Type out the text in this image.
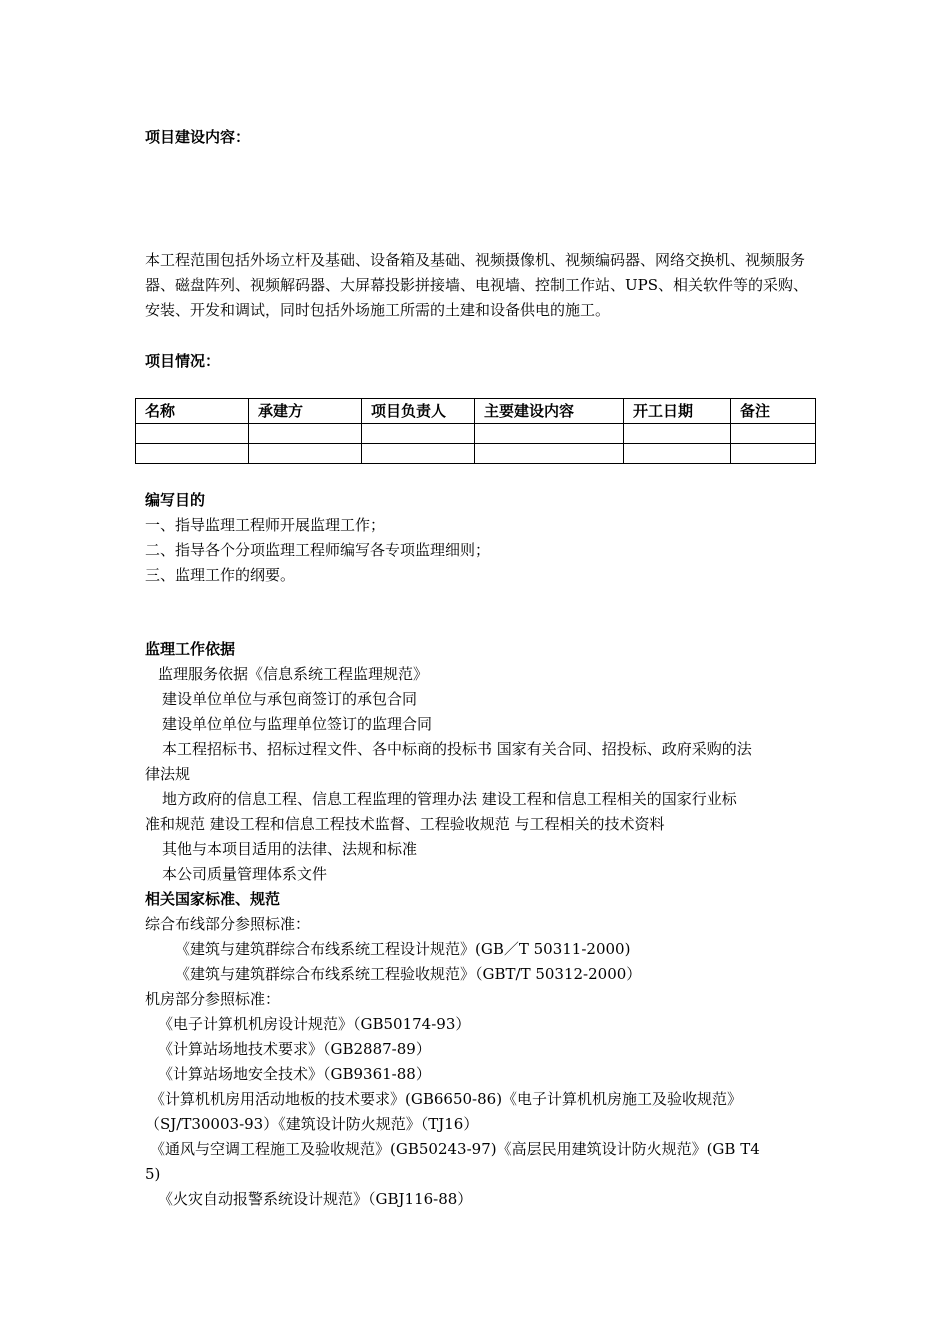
项目建设内容：
本工程范围包括外场立杆及基础、设备箱及基础、视频摄像机、视频编码器、网络交换机、视频服务器、磁盘阵列、视频解码器、大屏幕投影拼接墙、电视墙、控制工作站、UPS、相关软件等的采购、安装、开发和调试，同时包括外场施工所需的土建和设备供电的施工。
项目情况：
名称	承建方	项目负责人	主要建设内容	开工日期	备注

编写目的
一、指导监理工程师开展监理工作；
二、指导各个分项监理工程师编写各专项监理细则；
三、监理工作的纲要。
监理工作依据
监理服务依据《信息系统工程监理规范》
建设单位单位与承包商签订的承包合同
建设单位单位与监理单位签订的监理合同
本工程招标书、招标过程文件、各中标商的投标书 国家有关合同、招投标、政府采购的法
律法规
地方政府的信息工程、信息工程监理的管理办法 建设工程和信息工程相关的国家行业标
准和规范 建设工程和信息工程技术监督、工程验收规范 与工程相关的技术资料
其他与本项目适用的法律、法规和标准
本公司质量管理体系文件
相关国家标准、规范
综合布线部分参照标准：
《建筑与建筑群综合布线系统工程设计规范》(GB／T 50311-2000)
《建筑与建筑群综合布线系统工程验收规范》（GBT/T 50312-2000）
机房部分参照标准：
《电子计算机机房设计规范》（GB50174-93）
《计算站场地技术要求》（GB2887-89）
《计算站场地安全技术》（GB9361-88）
《计算机机房用活动地板的技术要求》(GB6650-86)《电子计算机机房施工及验收规范》
（SJ/T30003-93）《建筑设计防火规范》（TJ16）
《通风与空调工程施工及验收规范》(GB50243-97)《高层民用建筑设计防火规范》(GB T4
5)
《火灾自动报警系统设计规范》（GBJ116-88）
